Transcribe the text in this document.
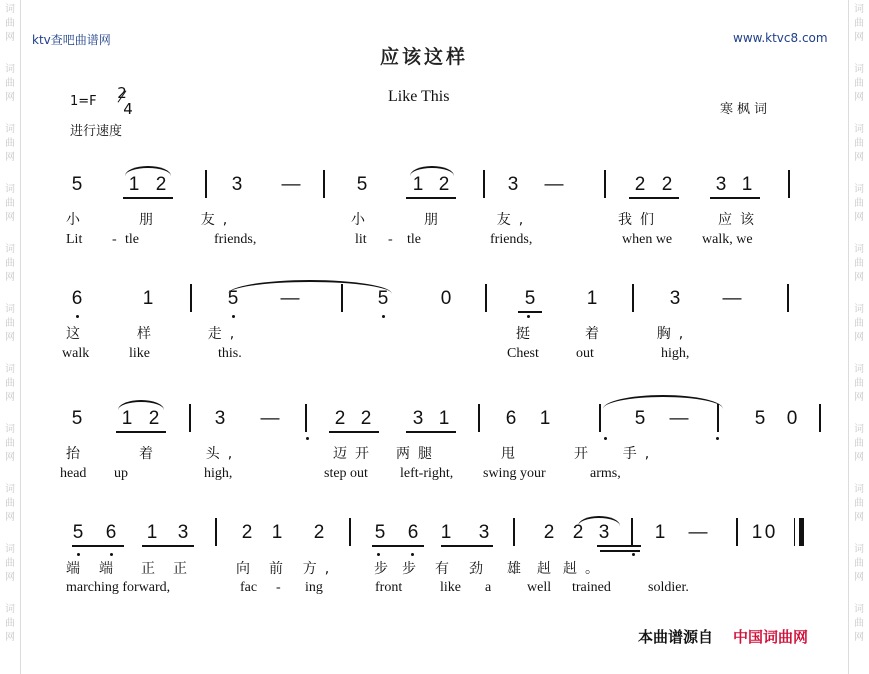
词
曲
网
词
曲
网
词
曲
网
词
曲
网
词
曲
网
词
曲
网
词
曲
网
词
曲
网
词
曲
网
词
曲
网
词
曲
网
词
曲
网
词
曲
网
词
曲
网
词
曲
网
词
曲
网
词
曲
网
词
曲
网
词
曲
网
词
曲
网
词
曲
网
词
曲
网
ktv查吧曲谱网	www.ktvc8.com
应该这样
Like This
1=F 2
4
进行速度
寒枫词
5 1 2	3 —	5 1 2	3 —	2 2 3 1
小	朋	友,	小	朋	友,	我们	应该
Lit - tle	friends,	lit - tle	friends,	when we walk, we
6	1	5 —	5	0	5	1	3 —
这	样	走,	挺	着	胸,
walk	like	this.	Chest	out	high,
5 1 2	3 —	2 2 3 1	6 1	5 —	5 0
抬	着	头,	迈开 两腿	甩	开 手,
head up	high,	step out left-right, swing your	arms,
5 6 1 3	2 1 2	5 6 1 3	2 2 3 1 — 1 0
端 端 正 正	向 前 方,	步 步 有 劲 雄 赳 赳。
marching forward,	fac - ing	front	like a	well trained	soldier.
本曲谱源自 中国词曲网
